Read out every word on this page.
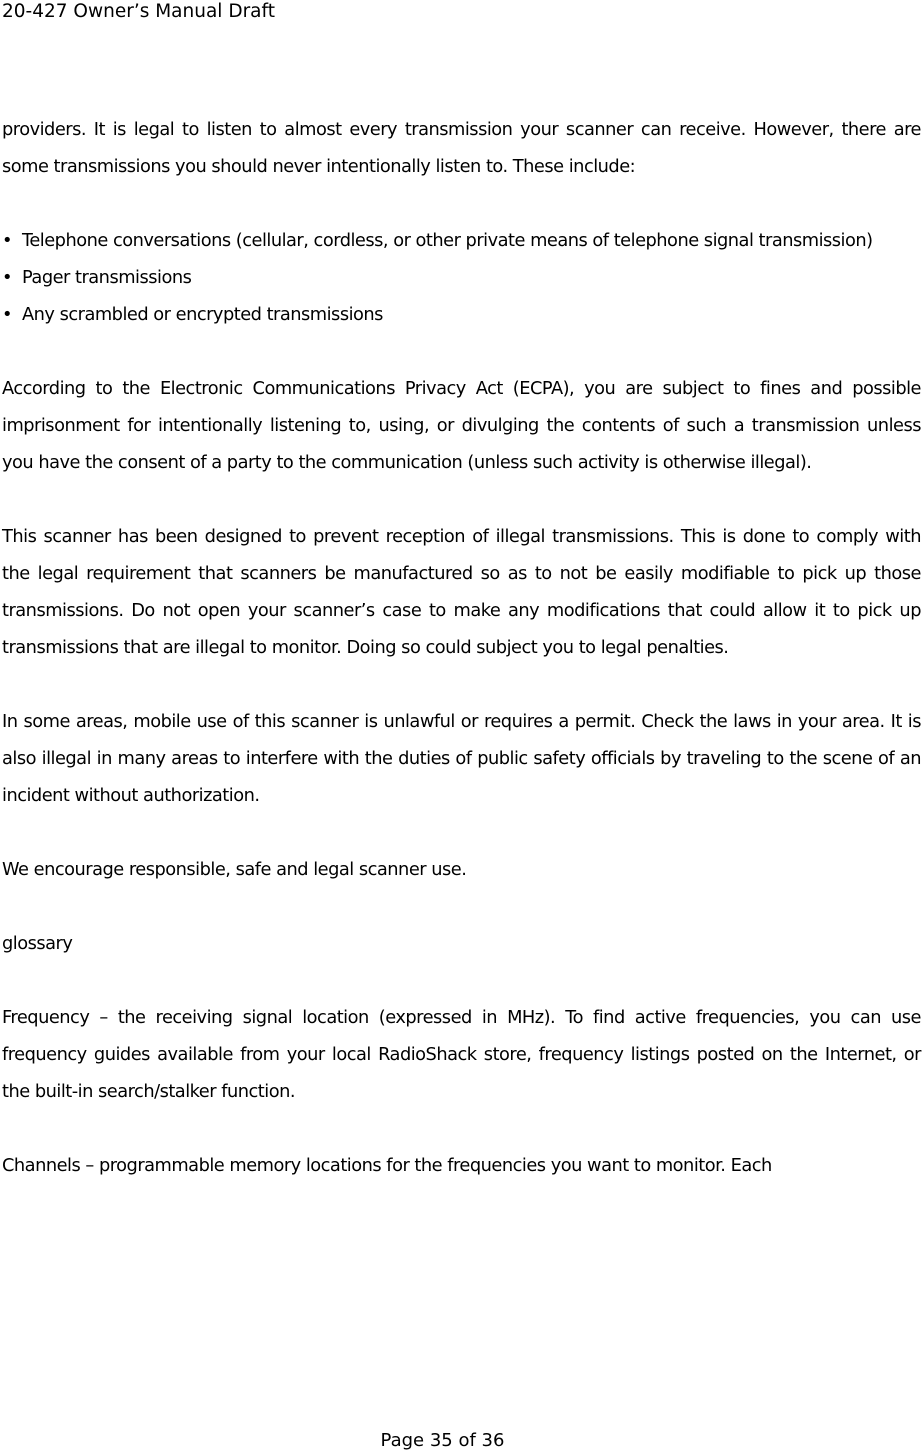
20-427 Owner’s Manual Draft

providers. It is legal to listen to almost every transmission your scanner can receive. However, there are some transmissions you should never intentionally listen to. These include:

• Telephone conversations (cellular, cordless, or other private means of telephone signal transmission)
• Pager transmissions
• Any scrambled or encrypted transmissions

According to the Electronic Communications Privacy Act (ECPA), you are subject to fines and possible imprisonment for intentionally listening to, using, or divulging the contents of such a transmission unless you have the consent of a party to the communication (unless such activity is otherwise illegal).

This scanner has been designed to prevent reception of illegal transmissions. This is done to comply with the legal requirement that scanners be manufactured so as to not be easily modifiable to pick up those transmissions. Do not open your scanner’s case to make any modifications that could allow it to pick up transmissions that are illegal to monitor. Doing so could subject you to legal penalties.

In some areas, mobile use of this scanner is unlawful or requires a permit. Check the laws in your area. It is also illegal in many areas to interfere with the duties of public safety officials by traveling to the scene of an incident without authorization.

We encourage responsible, safe and legal scanner use.

glossary

Frequency – the receiving signal location (expressed in MHz). To find active frequencies, you can use frequency guides available from your local RadioShack store, frequency listings posted on the Internet, or the built-in search/stalker function.

Channels – programmable memory locations for the frequencies you want to monitor. Each

Page 35 of 36
